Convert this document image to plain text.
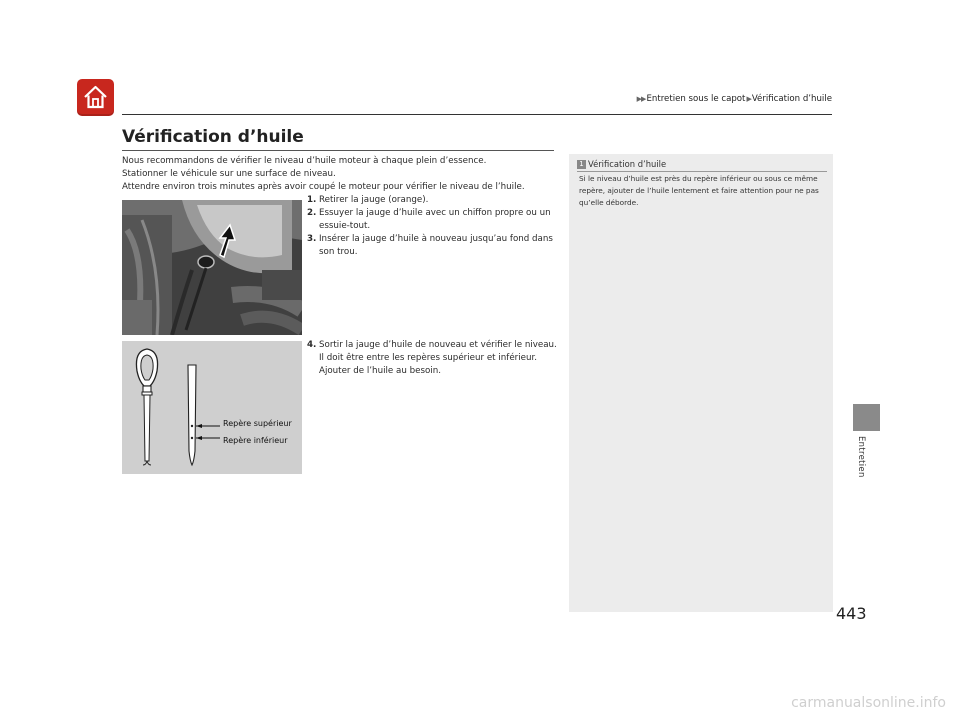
▶▶ Entretien sous le capot ▶ Vérification d’huile
Vérification d’huile

Nous recommandons de vérifier le niveau d’huile moteur à chaque plein d’essence.

Stationner le véhicule sur une surface de niveau.

Attendre environ trois minutes après avoir coupé le moteur pour vérifier le niveau de l’huile.

1. Retirer la jauge (orange).
2. Essuyer la jauge d’huile avec un chiffon propre ou un essuie-tout.
3. Insérer la jauge d’huile à nouveau jusqu’au fond dans son trou.
Repère supérieur
Repère inférieur
4. Sortir la jauge d’huile de nouveau et vérifier le niveau. Il doit être entre les repères supérieur et inférieur. Ajouter de l’huile au besoin.
1 Vérification d’huile
Si le niveau d’huile est près du repère inférieur ou sous ce même repère, ajouter de l’huile lentement et faire attention pour ne pas qu’elle déborde.
Entretien
443
carmanualsonline.info
